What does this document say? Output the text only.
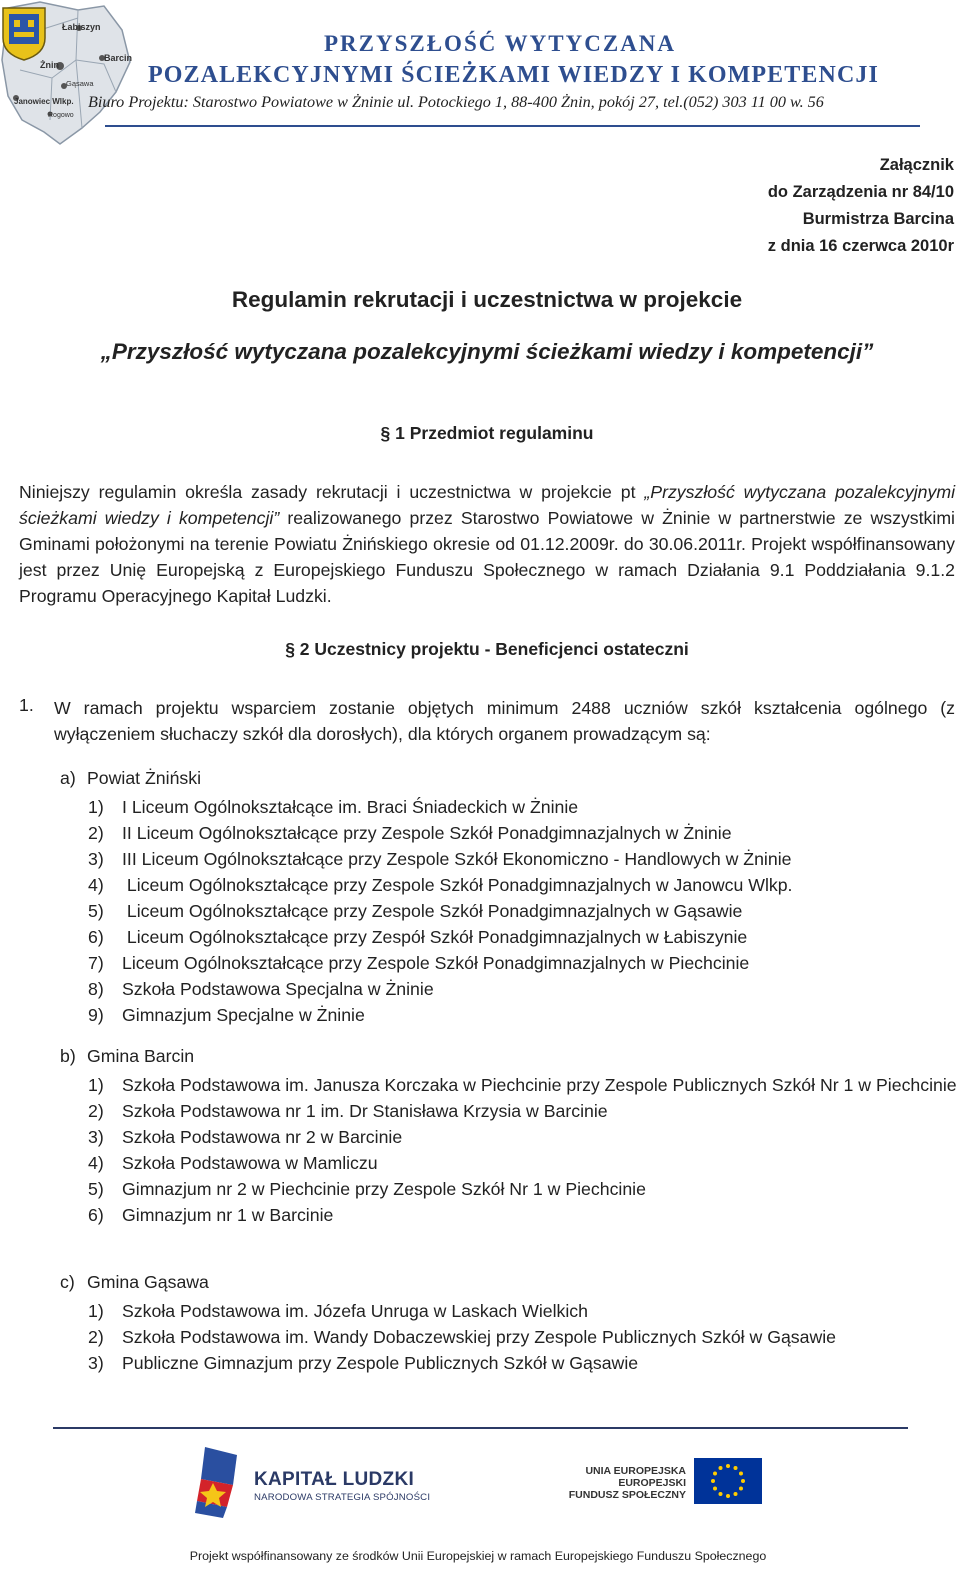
Łabiszyn
Barcin
Żnin
Gąsawa
Janowiec Wlkp.
Rogowo
PRZYSZŁOŚĆ WYTYCZANA
POZALEKCYJNYMI ŚCIEŻKAMI WIEDZY I KOMPETENCJI
Biuro Projektu: Starostwo Powiatowe w Żninie ul. Potockiego 1, 88-400 Żnin, pokój 27, tel.(052) 303 11 00 w. 56
Załącznik
do Zarządzenia nr 84/10
Burmistrza Barcina
z dnia 16 czerwca 2010r
Regulamin rekrutacji i uczestnictwa w projekcie
„Przyszłość wytyczana pozalekcyjnymi ścieżkami wiedzy i kompetencji”
§ 1 Przedmiot regulaminu
Niniejszy regulamin określa zasady rekrutacji i uczestnictwa w projekcie pt „Przyszłość wytyczana pozalekcyjnymi ścieżkami wiedzy i kompetencji” realizowanego przez Starostwo Powiatowe w Żninie w partnerstwie ze wszystkimi Gminami położonymi na terenie Powiatu Żnińskiego okresie od 01.12.2009r. do 30.06.2011r. Projekt współfinansowany jest przez Unię Europejską z Europejskiego Funduszu Społecznego w ramach Działania 9.1 Poddziałania 9.1.2 Programu Operacyjnego Kapitał Ludzki.
§ 2 Uczestnicy projektu - Beneficjenci ostateczni
1. W ramach projektu wsparciem zostanie objętych minimum 2488 uczniów szkół kształcenia ogólnego (z wyłączeniem słuchaczy szkół dla dorosłych), dla których organem prowadzącym są:
a) Powiat Żniński
1) I Liceum Ogólnokształcące im. Braci Śniadeckich w Żninie
2) II Liceum Ogólnokształcące przy Zespole Szkół Ponadgimnazjalnych w Żninie
3) III Liceum Ogólnokształcące przy Zespole Szkół Ekonomiczno - Handlowych w Żninie
4) Liceum Ogólnokształcące przy Zespole Szkół Ponadgimnazjalnych w Janowcu Wlkp.
5) Liceum Ogólnokształcące przy Zespole Szkół Ponadgimnazjalnych w Gąsawie
6) Liceum Ogólnokształcące przy Zespół Szkół Ponadgimnazjalnych w Łabiszynie
7) Liceum Ogólnokształcące przy Zespole Szkół Ponadgimnazjalnych w Piechcinie
8) Szkoła Podstawowa Specjalna w Żninie
9) Gimnazjum Specjalne w Żninie
b) Gmina Barcin
1) Szkoła Podstawowa im. Janusza Korczaka w Piechcinie przy Zespole Publicznych Szkół Nr 1 w Piechcinie
2) Szkoła Podstawowa nr 1 im. Dr Stanisława Krzysia w Barcinie
3) Szkoła Podstawowa nr 2 w Barcinie
4) Szkoła Podstawowa w Mamliczu
5) Gimnazjum nr 2 w Piechcinie przy Zespole Szkół Nr 1 w Piechcinie
6) Gimnazjum nr 1 w Barcinie
c) Gmina Gąsawa
1) Szkoła Podstawowa im. Józefa Unruga w Laskach Wielkich
2) Szkoła Podstawowa im. Wandy Dobaczewskiej przy Zespole Publicznych Szkół w Gąsawie
3) Publiczne Gimnazjum przy Zespole Publicznych Szkół w Gąsawie
KAPITAŁ LUDZKI
NARODOWA STRATEGIA SPÓJNOŚCI
UNIA EUROPEJSKA
EUROPEJSKI
FUNDUSZ SPOŁECZNY
Projekt współfinansowany ze środków Unii Europejskiej w ramach Europejskiego Funduszu Społecznego
